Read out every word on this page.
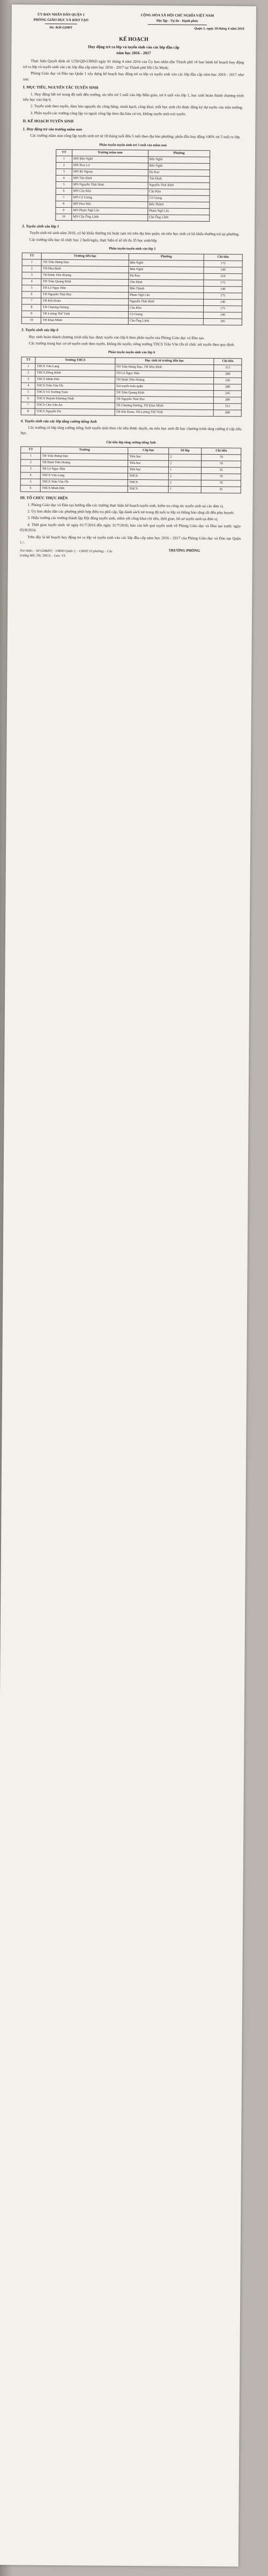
ỦY BAN NHÂN DÂN QUẬN 1
PHÒNG GIÁO DỤC VÀ ĐÀO TẠO
Số: /KH-GDĐT
CỘNG HÒA XÃ HỘI CHỦ NGHĨA VIỆT NAM
Độc lập - Tự do - Hạnh phúc
Quận 1, ngày 18 tháng 4 năm 2016
KẾ HOẠCH
Huy động trẻ ra lớp và tuyển sinh vào các lớp đầu cấp
năm học 2016 - 2017

Thực hiện Quyết định số 1259/QĐ-UBND ngày 01 tháng 4 năm 2016 của Ủy ban nhân dân Thành phố về ban hành kế hoạch huy động trẻ ra lớp và tuyển sinh vào các lớp đầu cấp năm học 2016 - 2017 tại Thành phố Hồ Chí Minh;

Phòng Giáo dục và Đào tạo Quận 1 xây dựng kế hoạch huy động trẻ ra lớp và tuyển sinh vào các lớp đầu cấp năm học 2016 - 2017 như sau:

I. MỤC TIÊU, NGUYÊN TẮC TUYỂN SINH

1. Huy động hết trẻ trong độ tuổi đến trường, ưu tiên trẻ 5 tuổi vào lớp Mẫu giáo, trẻ 6 tuổi vào lớp 1, học sinh hoàn thành chương trình tiểu học vào lớp 6.

2. Tuyển sinh theo tuyến, đảm bảo nguyên tắc công bằng, minh bạch, công khai; mỗi học sinh chỉ được đăng ký dự tuyển vào một trường.

3. Phân tuyến các trường công lập và ngoài công lập theo địa bàn cư trú, không tuyển sinh trái tuyến.

II. KẾ HOẠCH TUYỂN SINH
1. Huy động trẻ vào trường mầm non

Các trường mầm non công lập tuyển sinh trẻ từ 18 tháng tuổi đến 5 tuổi theo địa bàn phường; phấn đấu huy động 100% trẻ 5 tuổi ra lớp.

Phân tuyến tuyển sinh trẻ 5 tuổi vào mầm non
TT	Trường mầm non	Phường
1	MN Bến Nghé	Bến Nghé
2	MN Hoa Lư	Bến Nghé
3	MN Bé Ngoan	Đa Kao
4	MN Tân Định	Tân Định
5	MN Nguyễn Thái Bình	Nguyễn Thái Bình
6	MN Cầu Kho	Cầu Kho
7	MN Cô Giang	Cô Giang
8	MN Hoa Mai	Bến Thành
9	MN Phạm Ngũ Lão	Phạm Ngũ Lão
10	MN Cầu Ông Lãnh	Cầu Ông Lãnh
2. Tuyển sinh vào lớp 1

Tuyển sinh trẻ sinh năm 2010, có hộ khẩu thường trú hoặc tạm trú trên địa bàn quận; ưu tiên học sinh có hộ khẩu thường trú tại phường.

Các trường tiểu học tổ chức học 2 buổi/ngày, thực hiện sĩ số tối đa 35 học sinh/lớp.

Phân tuyến tuyển sinh vào lớp 1
TT	Trường tiểu học	Phường	Chỉ tiêu
1	TH Trần Hưng Đạo	Bến Nghé	175
2	TH Hòa Bình	Bến Nghé	140
3	TH Đinh Tiên Hoàng	Đa Kao	210
4	TH Trần Quang Khải	Tân Định	175
5	TH Lê Ngọc Hân	Bến Thành	140
6	TH Nguyễn Thái Học	Phạm Ngũ Lão	175
7	TH Kết Đoàn	Nguyễn Thái Bình	140
8	TH Chương Dương	Cầu Kho	175
9	TH Lương Thế Vinh	Cô Giang	140
10	TH Khai Minh	Cầu Ông Lãnh	105
3. Tuyển sinh vào lớp 6

Học sinh hoàn thành chương trình tiểu học được tuyển vào lớp 6 theo phân tuyến của Phòng Giáo dục và Đào tạo.

Các trường trung học cơ sở tuyển sinh theo tuyến, không thi tuyển; riêng trường THCS Trần Văn Ơn tổ chức xét tuyển theo quy định.

Phân tuyến tuyển sinh vào lớp 6
TT	Trường THCS	Học sinh từ trường tiểu học	Chỉ tiêu
1	THCS Văn Lang	TH Trần Hưng Đạo, TH Hòa Bình	315
2	THCS Đồng Khởi	TH Lê Ngọc Hân	280
3	THCS Minh Đức	TH Đinh Tiên Hoàng	245
4	THCS Trần Văn Ơn	Xét tuyển toàn quận	280
5	THCS Võ Trường Toản	TH Trần Quang Khải	245
6	THCS Huỳnh Khương Ninh	TH Nguyễn Thái Học	280
7	THCS Chu Văn An	TH Chương Dương, TH Khai Minh	315
8	THCS Nguyễn Du	TH Kết Đoàn, TH Lương Thế Vinh	280
4. Tuyển sinh vào các lớp tăng cường tiếng Anh

Các trường có lớp tăng cường tiếng Anh tuyển sinh theo chỉ tiêu được duyệt, ưu tiên học sinh đã học chương trình tăng cường ở cấp tiểu học.

Chỉ tiêu lớp tăng cường tiếng Anh
TT	Trường	Cấp học	Số lớp	Chỉ tiêu
1	TH Trần Hưng Đạo	Tiểu học	2	70
2	TH Đinh Tiên Hoàng	Tiểu học	2	70
3	TH Lê Ngọc Hân	Tiểu học	1	35
4	THCS Văn Lang	THCS	2	70
5	THCS Trần Văn Ơn	THCS	2	70
6	THCS Minh Đức	THCS	1	35
III. TỔ CHỨC THỰC HIỆN

1. Phòng Giáo dục và Đào tạo hướng dẫn các trường thực hiện kế hoạch tuyển sinh, kiểm tra công tác tuyển sinh tại các đơn vị.

2. Ủy ban nhân dân các phường phối hợp điều tra phổ cập, lập danh sách trẻ trong độ tuổi ra lớp và thông báo rộng rãi đến phụ huynh.

3. Hiệu trưởng các trường thành lập Hội đồng tuyển sinh, niêm yết công khai chỉ tiêu, thời gian, hồ sơ tuyển sinh tại đơn vị.

4. Thời gian tuyển sinh: từ ngày 01/7/2016 đến ngày 31/7/2016; báo cáo kết quả tuyển sinh về Phòng Giáo dục và Đào tạo trước ngày 05/8/2016.

Trên đây là kế hoạch huy động trẻ ra lớp và tuyển sinh vào các lớp đầu cấp năm học 2016 - 2017 của Phòng Giáo dục và Đào tạo Quận 1./.

Nơi nhận: - Sở GD&ĐT; - UBND Quận 1; - UBND 10 phường; - Các trường MN, TH, THCS; - Lưu: VT.
TRƯỞNG PHÒNG
